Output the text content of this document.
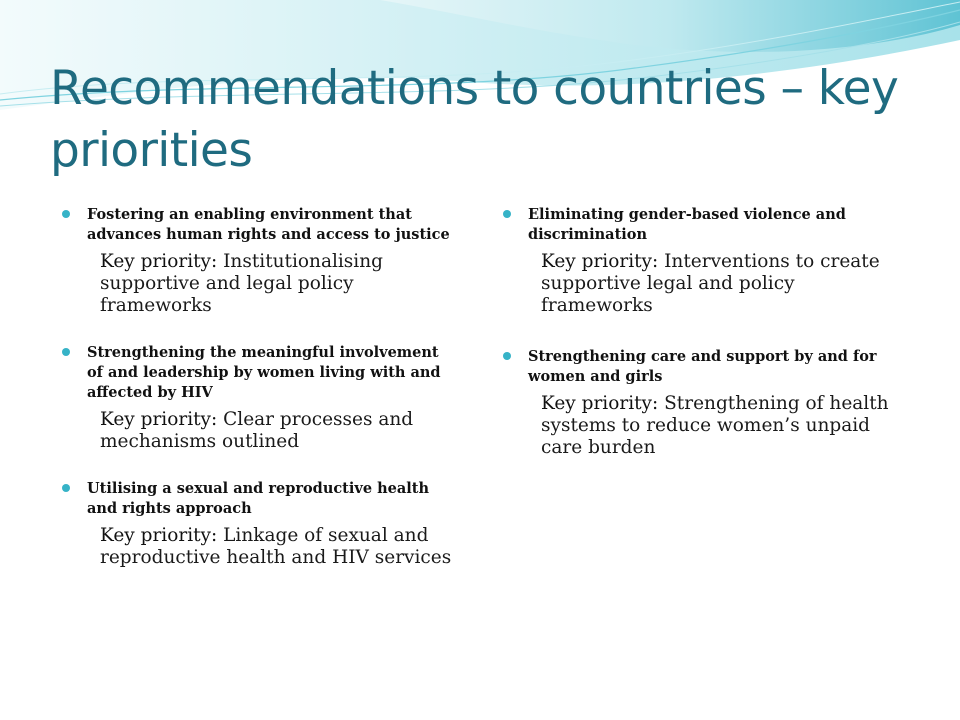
Recommendations to countries – key priorities
Fostering an enabling environment that advances human rights and access to justice
Key priority: Institutionalising supportive and legal policy frameworks
Strengthening the meaningful involvement of and leadership by women living with and affected by HIV
Key priority: Clear processes and mechanisms outlined
Utilising a sexual and reproductive health and rights approach
Key priority: Linkage of sexual and reproductive health and HIV services
Eliminating gender-based violence and discrimination
Key priority: Interventions to create supportive legal and policy frameworks
Strengthening care and support by and for women and girls
Key priority: Strengthening of health systems to reduce women’s unpaid care burden
